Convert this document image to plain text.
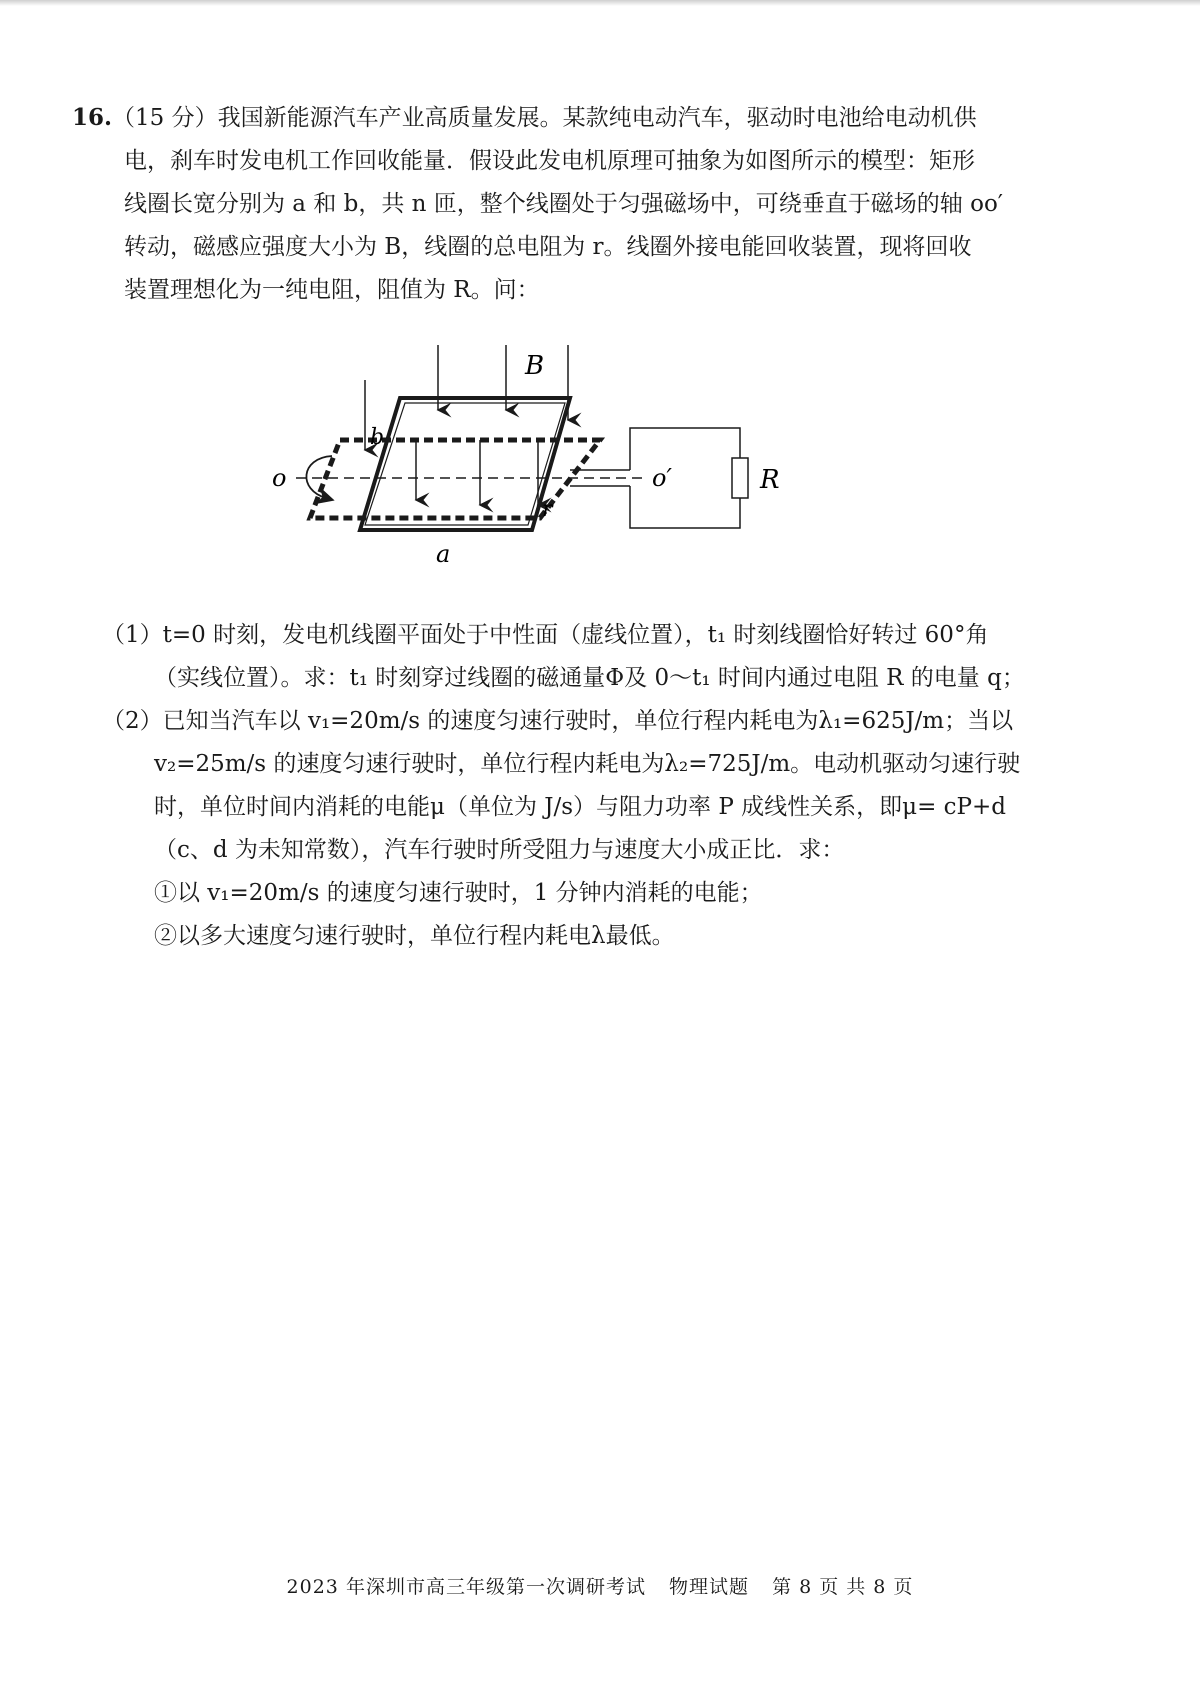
16.（15 分）我国新能源汽车产业高质量发展。某款纯电动汽车，驱动时电池给电动机供
电，刹车时发电机工作回收能量．假设此发电机原理可抽象为如图所示的模型：矩形
线圈长宽分别为 a 和 b，共 n 匝，整个线圈处于匀强磁场中，可绕垂直于磁场的轴 oo′
转动，磁感应强度大小为 B，线圈的总电阻为 r。线圈外接电能回收装置，现将回收
装置理想化为一纯电阻，阻值为 R。问：
B
b
o	o′	R
r
a
（1）t=0 时刻，发电机线圈平面处于中性面（虚线位置），t₁ 时刻线圈恰好转过 60°角
（实线位置）。求：t₁ 时刻穿过线圈的磁通量Φ及 0～t₁ 时间内通过电阻 R 的电量 q；
（2）已知当汽车以 v₁=20m/s 的速度匀速行驶时，单位行程内耗电为λ₁=625J/m；当以
v₂=25m/s 的速度匀速行驶时，单位行程内耗电为λ₂=725J/m。电动机驱动匀速行驶
时，单位时间内消耗的电能μ（单位为 J/s）与阻力功率 P 成线性关系，即μ= cP+d
（c、d 为未知常数），汽车行驶时所受阻力与速度大小成正比．求：
①以 v₁=20m/s 的速度匀速行驶时，1 分钟内消耗的电能；
②以多大速度匀速行驶时，单位行程内耗电λ最低。
2023 年深圳市高三年级第一次调研考试 物理试题 第 8 页 共 8 页
